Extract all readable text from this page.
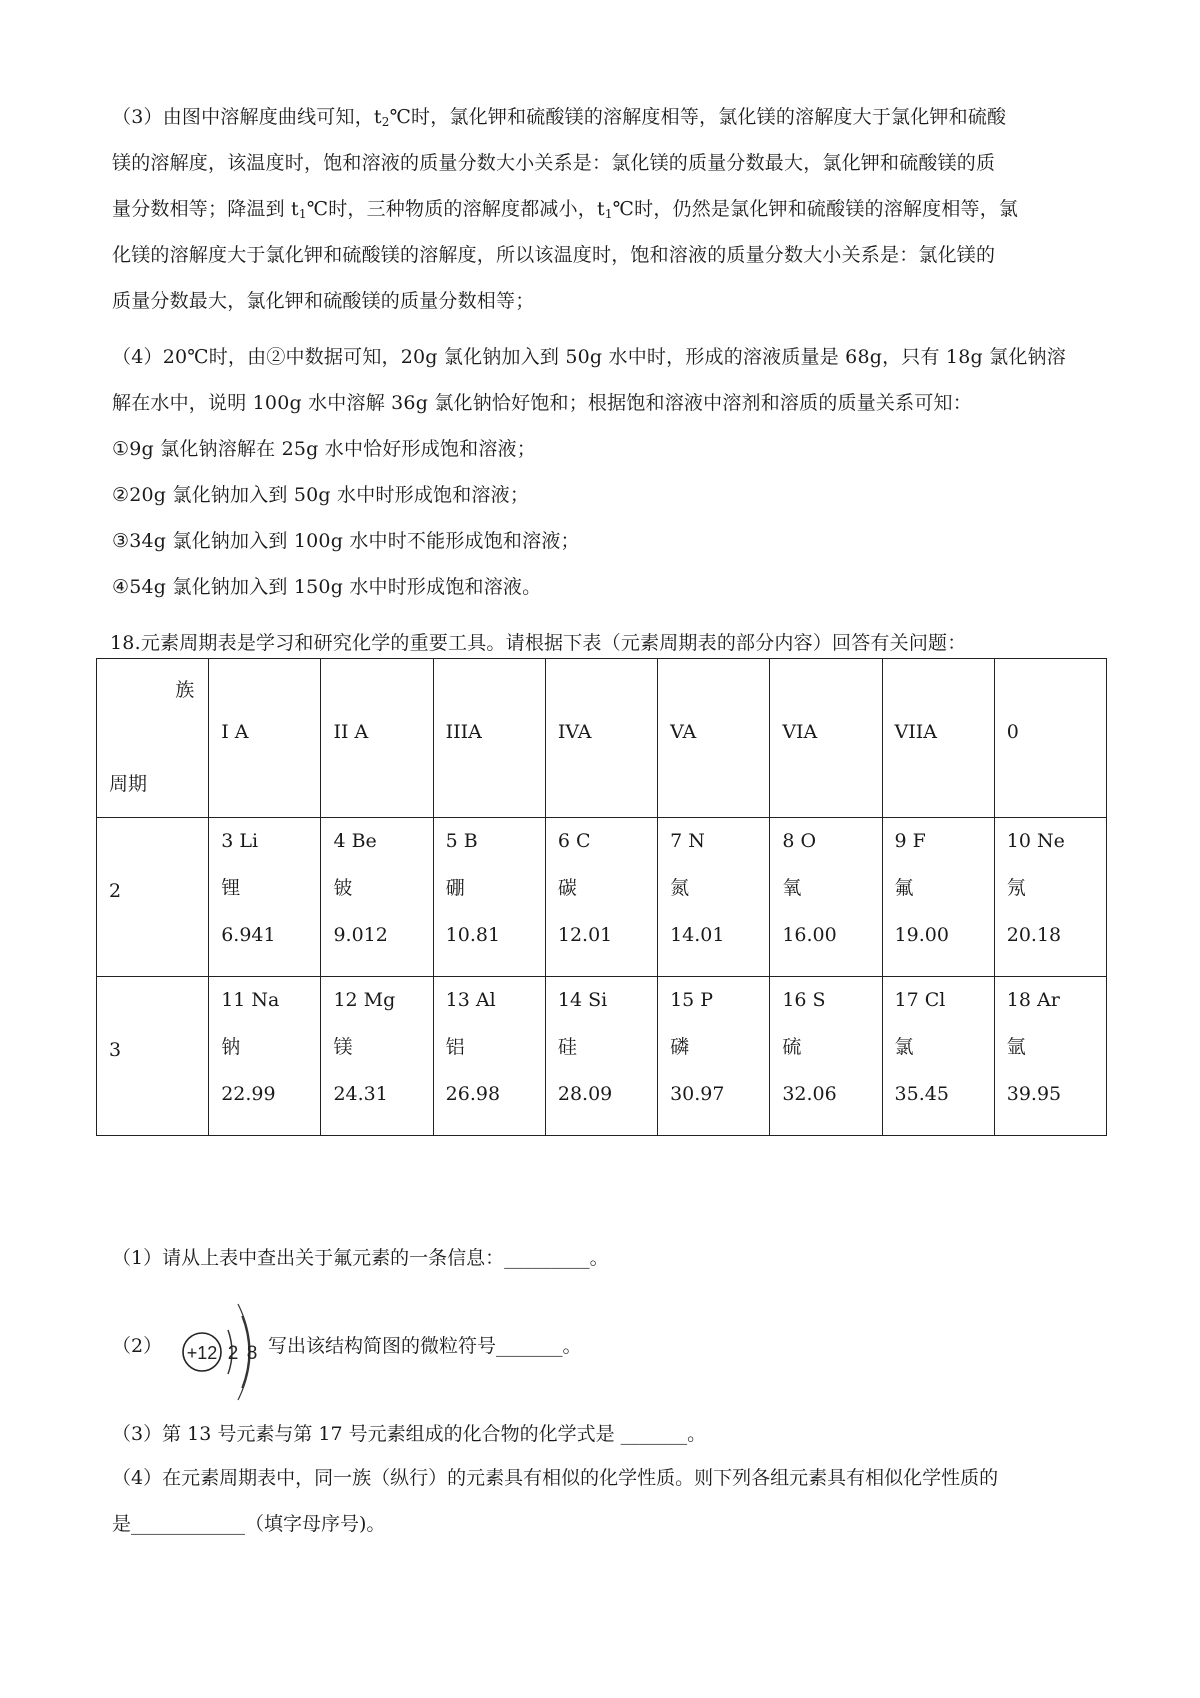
（3）由图中溶解度曲线可知，$t_2℃$时，氯化钾和硫酸镁的溶解度相等，氯化镁的溶解度大于氯化钾和硫酸
镁的溶解度，该温度时，饱和溶液的质量分数大小关系是：氯化镁的质量分数最大，氯化钾和硫酸镁的质
量分数相等；降温到 $t_1℃$时，三种物质的溶解度都减小，$t_1℃$时，仍然是氯化钾和硫酸镁的溶解度相等，氯
化镁的溶解度大于氯化钾和硫酸镁的溶解度，所以该温度时，饱和溶液的质量分数大小关系是：氯化镁的
质量分数最大，氯化钾和硫酸镁的质量分数相等；
（4）20℃时，由②中数据可知，20g 氯化钠加入到 50g 水中时，形成的溶液质量是 68g，只有 18g 氯化钠溶
解在水中，说明 100g 水中溶解 36g 氯化钠恰好饱和；根据饱和溶液中溶剂和溶质的质量关系可知：
①9g 氯化钠溶解在 25g 水中恰好形成饱和溶液；
②20g 氯化钠加入到 50g 水中时形成饱和溶液；
③34g 氯化钠加入到 100g 水中时不能形成饱和溶液；
④54g 氯化钠加入到 150g 水中时形成饱和溶液。
18.元素周期表是学习和研究化学的重要工具。请根据下表（元素周期表的部分内容）回答有关问题：
族
周期	I A	II A	IIIA	IVA	VA	VIA	VIIA	0

2	3 Li
锂
6.941	4 Be
铍
9.012	5 B
硼
10.81	6 C
碳
12.01	7 N
氮
14.01	8 O
氧
16.00	9 F
氟
19.00	10 Ne
氖
20.18

3	11 Na
钠
22.99	12 Mg
镁
24.31	13 Al
铝
26.98	14 Si
硅
28.09	15 P
磷
30.97	16 S
硫
32.06	17 Cl
氯
35.45	18 Ar
氩
39.95
（1）请从上表中查出关于氟元素的一条信息：_________。
（2） +12 2 8 写出该结构简图的微粒符号_______。
（3）第 13 号元素与第 17 号元素组成的化合物的化学式是 _______。
（4）在元素周期表中，同一族（纵行）的元素具有相似的化学性质。则下列各组元素具有相似化学性质的
是____________（填字母序号)。
